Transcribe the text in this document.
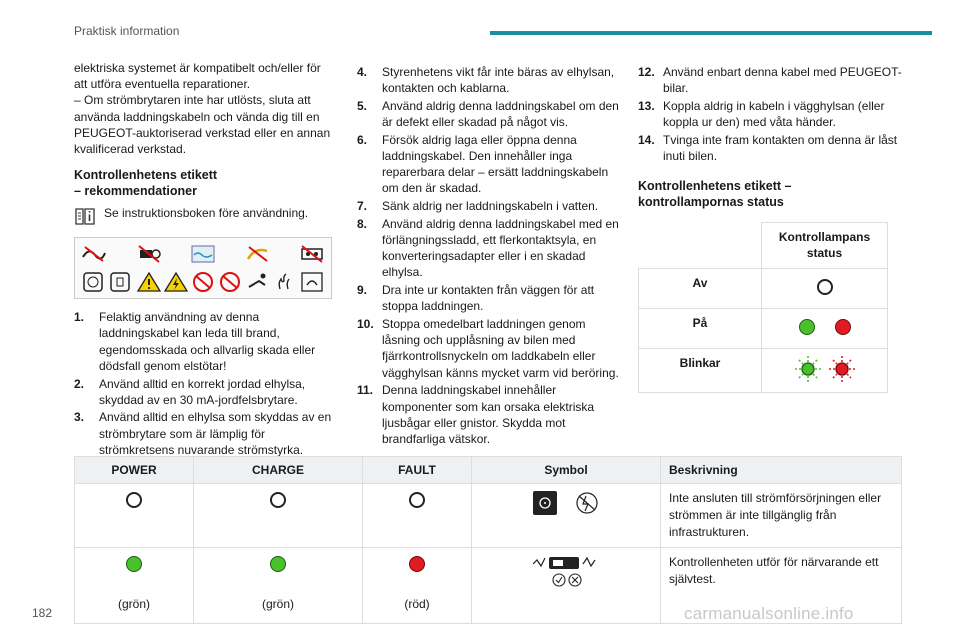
Praktisk information

elektriska systemet är kompatibelt och/eller för att utföra eventuella reparationer.

– Om strömbrytaren inte har utlösts, sluta att använda laddningskabeln och vända dig till en PEUGEOT-auktoriserad verkstad eller en annan kvalificerad verkstad.

Kontrollenhetens etikett
– rekommendationer
Se instruktionsboken före användning.
1.	Felaktig användning av denna laddningskabel kan leda till brand, egendomsskada och allvarlig skada eller dödsfall genom elstötar!
2.	Använd alltid en korrekt jordad elhylsa, skyddad av en 30 mA-jordfelsbrytare.
3.	Använd alltid en elhylsa som skyddas av en strömbrytare som är lämplig för strömkretsens nuvarande strömstyrka.
4.	Styrenhetens vikt får inte bäras av elhylsan, kontakten och kablarna.
5.	Använd aldrig denna laddningskabel om den är defekt eller skadad på något vis.
6.	Försök aldrig laga eller öppna denna laddningskabel. Den innehåller inga reparerbara delar – ersätt laddningskabeln om den är skadad.
7.	Sänk aldrig ner laddningskabeln i vatten.
8.	Använd aldrig denna laddningskabel med en förlängningssladd, ett flerkontaktsyla, en konverteringsadapter eller i en skadad elhylsa.
9.	Dra inte ur kontakten från väggen för att stoppa laddningen.
10. Stoppa omedelbart laddningen genom låsning och upplåsning av bilen med fjärrkontrollsnyckeln om laddkabeln eller vägghylsan känns mycket varm vid beröring.
11. Denna laddningskabel innehåller komponenter som kan orsaka elektriska ljusbågar eller gnistor. Skydda mot brandfarliga vätskor.
12. Använd enbart denna kabel med PEUGEOT-bilar.
13. Koppla aldrig in kabeln i vägghylsan (eller koppla ur den) med våta händer.
14. Tvinga inte fram kontakten om denna är låst inuti bilen.
Kontrollenhetens etikett –
kontrollampornas status
	Kontrollampans status
Av	
På	

Blinkar	
POWER	CHARGE	FAULT	Symbol	Beskrivning
				Inte ansluten till strömförsörjningen eller strömmen är inte tillgänglig från infrastrukturen.

(grön)	(grön)	(röd)		Kontrollenheten utför för närvarande ett självtest.
182	carmanualsonline.info
